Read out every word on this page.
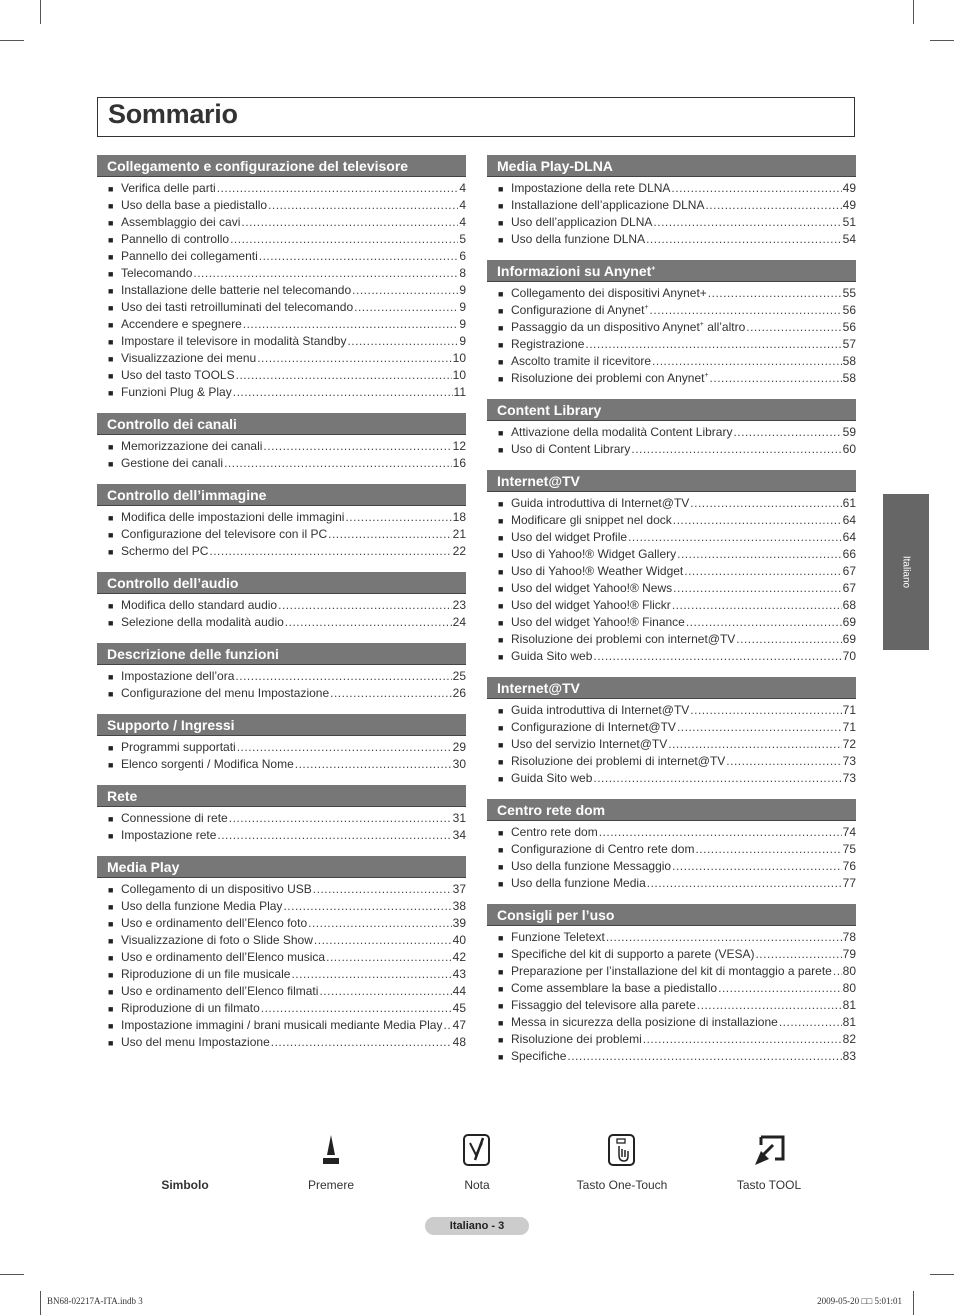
Sommario
Collegamento e configurazione del televisore
■ Verifica delle parti .....	4
■ Uso della base a piedistallo .....	4
■ Assemblaggio dei cavi .....	4
■ Pannello di controllo .....	5
■ Pannello dei collegamenti .....	6
■ Telecomando .....	8
■ Installazione delle batterie nel telecomando .....	9
■ Uso dei tasti retroilluminati del telecomando .....	9
■ Accendere e spegnere .....	9
■ Impostare il televisore in modalità Standby .....	9
■ Visualizzazione dei menu .....	10
■ Uso del tasto TOOLS .....	10
■ Funzioni Plug & Play .....	11
Controllo dei canali
■ Memorizzazione dei canali .....	12
■ Gestione dei canali .....	16
Controllo dell’immagine
■ Modifica delle impostazioni delle immagini .....	18
■ Configurazione del televisore con il PC .....	21
■ Schermo del PC .....	22
Controllo dell’audio
■ Modifica dello standard audio .....	23
■ Selezione della modalità audio .....	24
Descrizione delle funzioni
■ Impostazione dell’ora .....	25
■ Configurazione del menu Impostazione .....	26
Supporto / Ingressi
■ Programmi supportati .....	29
■ Elenco sorgenti / Modifica Nome .....	30
Rete
■ Connessione di rete .....	31
■ Impostazione rete .....	34
Media Play
■ Collegamento di un dispositivo USB .....	37
■ Uso della funzione Media Play .....	38
■ Uso e ordinamento dell’Elenco foto .....	39
■ Visualizzazione di foto o Slide Show .....	40
■ Uso e ordinamento dell’Elenco musica .....	42
■ Riproduzione di un file musicale .....	43
■ Uso e ordinamento dell’Elenco filmati .....	44
■ Riproduzione di un filmato .....	45
■ Impostazione immagini / brani musicali mediante Media Play ..... 47
■ Uso del menu Impostazione .....	48
Media Play-DLNA
■ Impostazione della rete DLNA .....	49
■ Installazione dell’applicazione DLNA .....	49
■ Uso dell’applicazion DLNA .....	51
■ Uso della funzione DLNA .....	54
Informazioni su Anynet+
■ Collegamento dei dispositivi Anynet+ .....	55
■ Configurazione di Anynet+ .....	56
■ Passaggio da un dispositivo Anynet+ all’altro .....	56
■ Registrazione .....	57
■ Ascolto tramite il ricevitore .....	58
■ Risoluzione dei problemi con Anynet+ .....	58
Content Library
■ Attivazione della modalità Content Library .....	59
■ Uso di Content Library .....	60
Internet@TV
■ Guida introduttiva di Internet@TV .....	61
■ Modificare gli snippet nel dock .....	64
■ Uso del widget Profile .....	64
■ Uso di Yahoo!® Widget Gallery .....	66
■ Uso di Yahoo!® Weather Widget .....	67
■ Uso del widget Yahoo!® News .....	67
■ Uso del widget Yahoo!® Flickr .....	68
■ Uso del widget Yahoo!® Finance .....	69
■ Risoluzione dei problemi con internet@TV .....	69
■ Guida Sito web .....	70
Internet@TV
■ Guida introduttiva di Internet@TV .....	71
■ Configurazione di Internet@TV .....	71
■ Uso del servizio Internet@TV .....	72
■ Risoluzione dei problemi di internet@TV .....	73
■ Guida Sito web .....	73
Centro rete dom
■ Centro rete dom .....	74
■ Configurazione di Centro rete dom .....	75
■ Uso della funzione Messaggio .....	76
■ Uso della funzione Media .....	77
Consigli per l’uso
■ Funzione Teletext .....	78
■ Specifiche del kit di supporto a parete (VESA) .....	79
■ Preparazione per l’installazione del kit di montaggio a parete ..... 80
■ Come assemblare la base a piedistallo .....	80
■ Fissaggio del televisore alla parete .....	81
■ Messa in sicurezza della posizione di installazione .....	81
■ Risoluzione dei problemi .....	82
■ Specifiche .....	83
Italiano
Simbolo	Premere	Nota	Tasto One-Touch	Tasto TOOL
Italiano - 3
BN68-02217A-ITA.indb 3	2009-05-20 □□ 5:01:01
